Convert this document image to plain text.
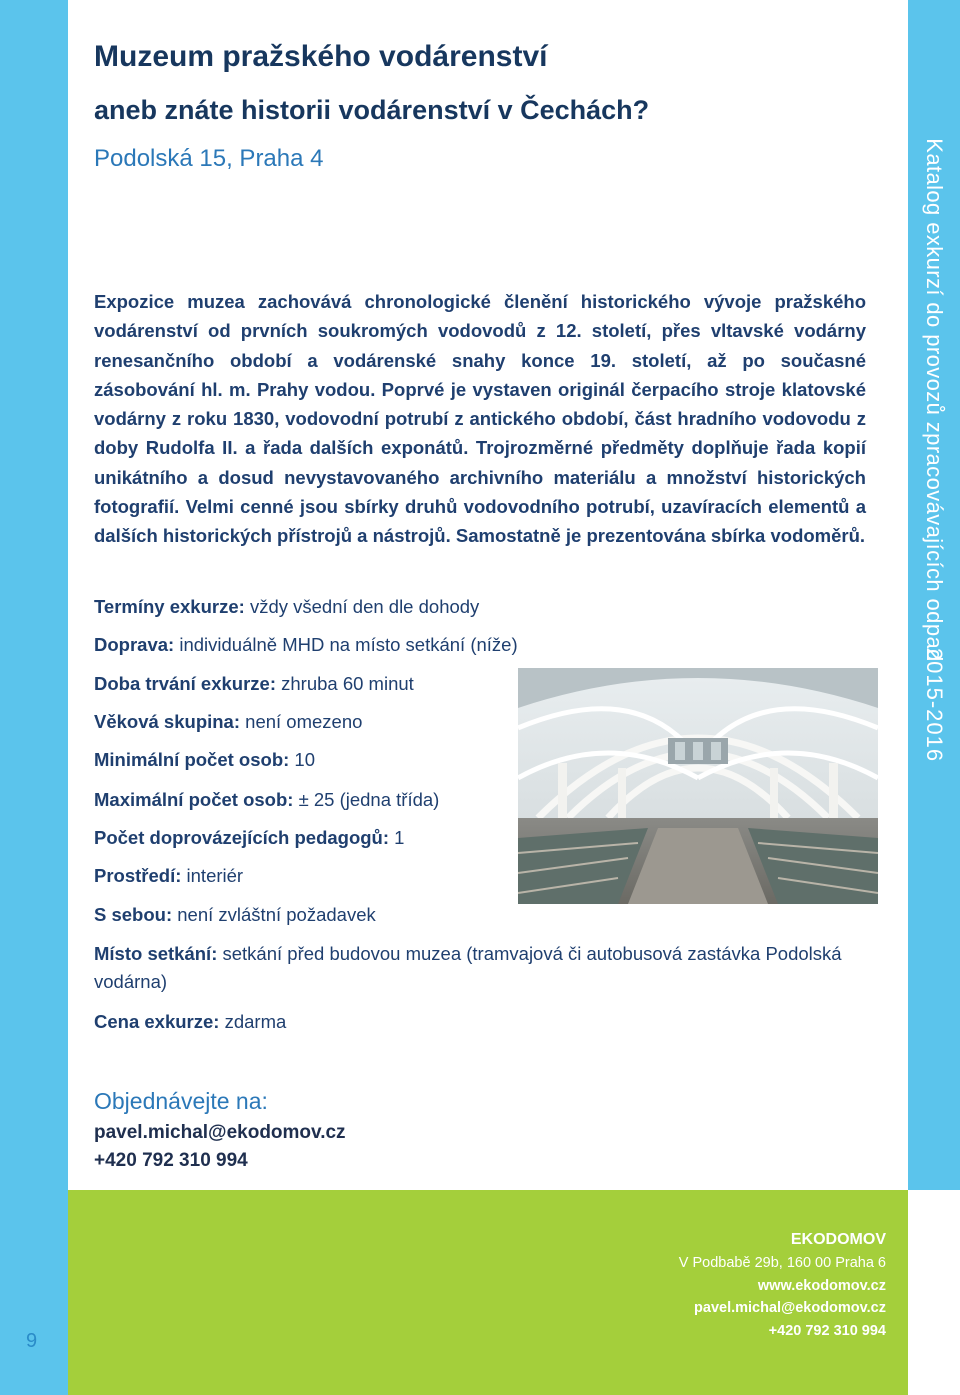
Muzeum pražského vodárenství
aneb znáte historii vodárenství v Čechách?

Podolská 15, Praha 4

Expozice muzea zachovává chronologické členění historického vývoje pražského vodárenství od prvních soukromých vodovodů z 12. století, přes vltavské vodárny renesančního období a vodárenské snahy konce 19. století, až po současné zásobování hl. m. Prahy vodou. Poprvé je vystaven originál čerpacího stroje klatovské vodárny z roku 1830, vodovodní potrubí z antického období, část hradního vodovodu z doby Rudolfa II. a řada dalších exponátů. Trojrozměrné předměty doplňuje řada kopií unikátního a dosud nevystavovaného archivního materiálu a množství historických fotografií. Velmi cenné jsou sbírky druhů vodovodního potrubí, uzavíracích elementů a dalších historických přístrojů a nástrojů. Samostatně je prezentována sbírka vodoměrů.

Termíny exkurze: vždy všední den dle dohody

Doprava: individuálně MHD na místo setkání (níže)

Doba trvání exkurze: zhruba 60 minut

Věková skupina: není omezeno

Minimální počet osob: 10

Maximální počet osob: ± 25 (jedna třída)

Počet doprovázejících pedagogů: 1

Prostředí: interiér

S sebou: není zvláštní požadavek

Místo setkání: setkání před budovou muzea (tramvajová či autobusová zastávka Podolská vodárna)

Cena exkurze: zdarma

Objednávejte na:

pavel.michal@ekodomov.cz

+420 792 310 994

EKODOMOV
V Podbabě 29b, 160 00 Praha 6
www.ekodomov.cz
pavel.michal@ekodomov.cz
+420 792 310 994
9
Katalog exkurzí do provozů zpracovávajících odpad
2015-2016
